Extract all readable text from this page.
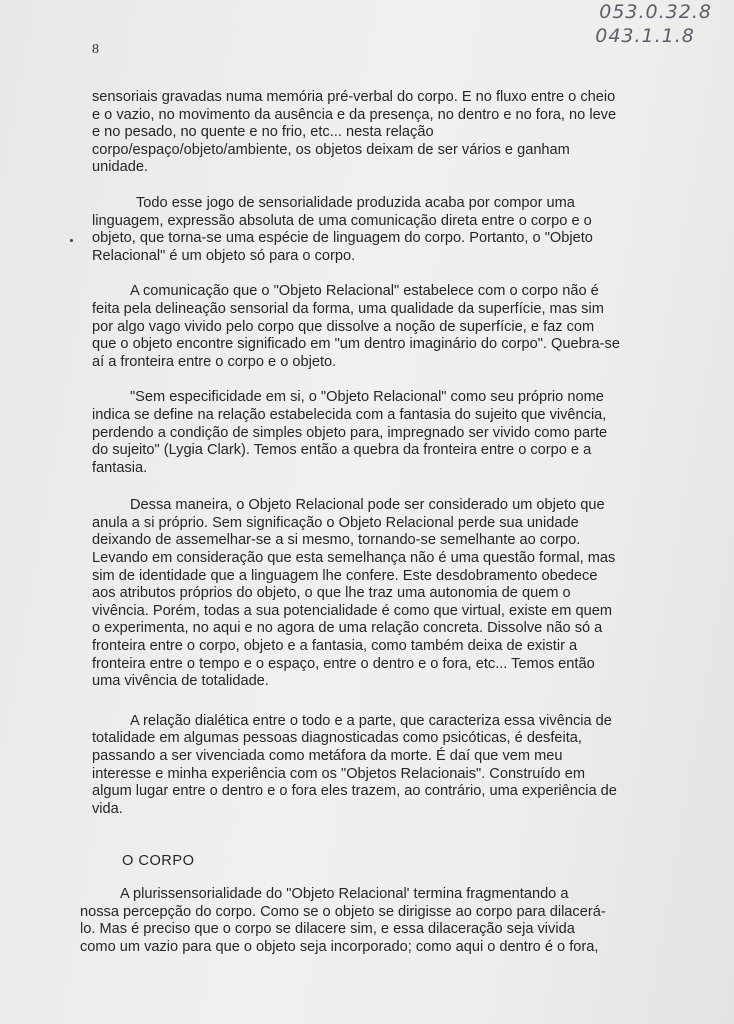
053.0.32.8
043.1.1.8
8

sensoriais gravadas numa memória pré-verbal do corpo. E no fluxo entre o cheio
e o vazio, no movimento da ausência e da presença, no dentro e no fora, no leve
e no pesado, no quente e no frio, etc... nesta relação
corpo/espaço/objeto/ambiente, os objetos deixam de ser vários e ganham
unidade.

Todo esse jogo de sensorialidade produzida acaba por compor uma
linguagem, expressão absoluta de uma comunicação direta entre o corpo e o
objeto, que torna-se uma espécie de linguagem do corpo. Portanto, o "Objeto
Relacional" é um objeto só para o corpo.

A comunicação que o "Objeto Relacional" estabelece com o corpo não é
feita pela delineação sensorial da forma, uma qualidade da superfície, mas sim
por algo vago vivido pelo corpo que dissolve a noção de superfície, e faz com
que o objeto encontre significado em "um dentro imaginário do corpo". Quebra-se
aí a fronteira entre o corpo e o objeto.

"Sem especificidade em si, o "Objeto Relacional" como seu próprio nome
indica se define na relação estabelecida com a fantasia do sujeito que vivência,
perdendo a condição de simples objeto para, impregnado ser vivido como parte
do sujeito" (Lygia Clark). Temos então a quebra da fronteira entre o corpo e a
fantasia.

Dessa maneira, o Objeto Relacional pode ser considerado um objeto que
anula a si próprio. Sem significação o Objeto Relacional perde sua unidade
deixando de assemelhar-se a si mesmo, tornando-se semelhante ao corpo.
Levando em consideração que esta semelhança não é uma questão formal, mas
sim de identidade que a linguagem lhe confere. Este desdobramento obedece
aos atributos próprios do objeto, o que lhe traz uma autonomia de quem o
vivência. Porém, todas a sua potencialidade é como que virtual, existe em quem
o experimenta, no aqui e no agora de uma relação concreta. Dissolve não só a
fronteira entre o corpo, objeto e a fantasia, como também deixa de existir a
fronteira entre o tempo e o espaço, entre o dentro e o fora, etc... Temos então
uma vivência de totalidade.

A relação dialética entre o todo e a parte, que caracteriza essa vivência de
totalidade em algumas pessoas diagnosticadas como psicóticas, é desfeita,
passando a ser vivenciada como metáfora da morte. É daí que vem meu
interesse e minha experiência com os "Objetos Relacionais". Construído em
algum lugar entre o dentro e o fora eles trazem, ao contrário, uma experiência de
vida.

O CORPO

A plurissensorialidade do "Objeto Relacional' termina fragmentando a
nossa percepção do corpo. Como se o objeto se dirigisse ao corpo para dilacerá-
lo. Mas é preciso que o corpo se dilacere sim, e essa dilaceração seja vivida
como um vazio para que o objeto seja incorporado; como aqui o dentro é o fora,
